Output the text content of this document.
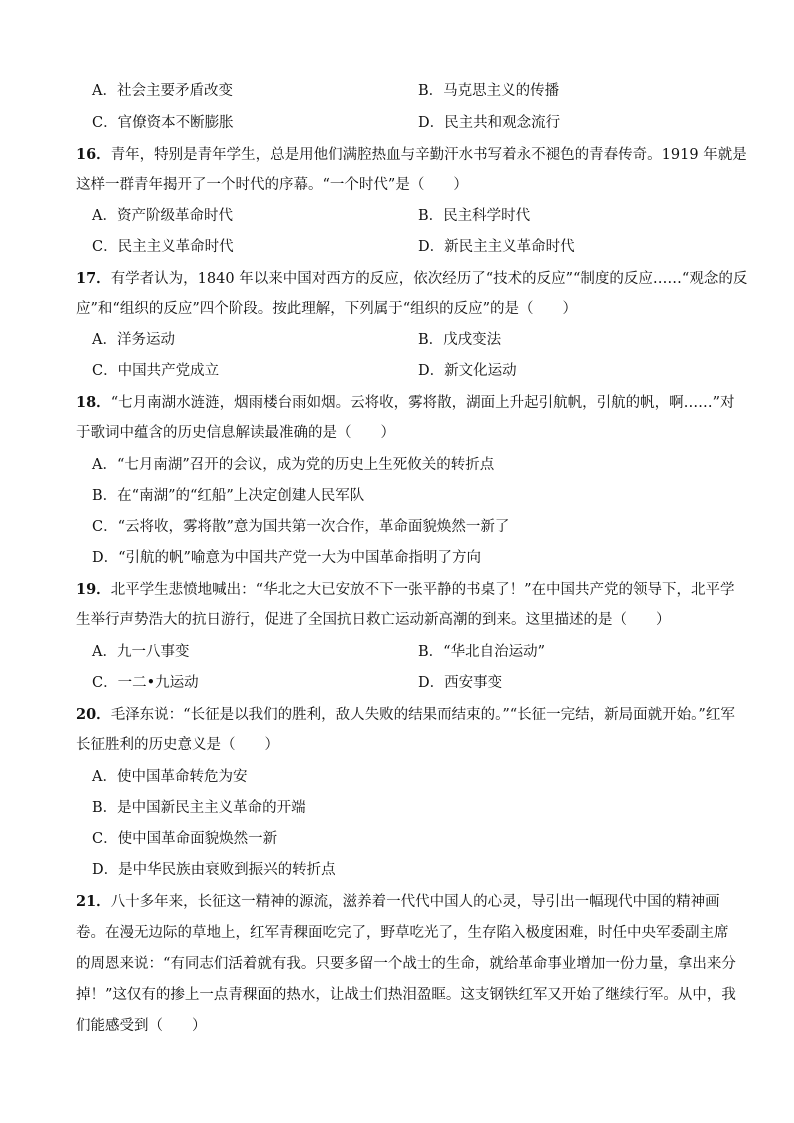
A．社会主要矛盾改变	B．马克思主义的传播
C．官僚资本不断膨胀	D．民主共和观念流行
16．青年，特别是青年学生，总是用他们满腔热血与辛勤汗水书写着永不褪色的青春传奇。1919 年就是
这样一群青年揭开了一个时代的序幕。“一个时代”是（　　）
A．资产阶级革命时代	B．民主科学时代
C．民主主义革命时代	D．新民主主义革命时代
17．有学者认为，1840 年以来中国对西方的反应，依次经历了“技术的反应”“制度的反应……“观念的反
应”和“组织的反应”四个阶段。按此理解，下列属于“组织的反应”的是（　　）
A．洋务运动	B．戊戌变法
C．中国共产党成立	D．新文化运动
18．“七月南湖水涟涟，烟雨楼台雨如烟。云将收，雾将散，湖面上升起引航帆，引航的帆，啊……”对
于歌词中蕴含的历史信息解读最准确的是（　　）
A．“七月南湖”召开的会议，成为党的历史上生死攸关的转折点
B．在“南湖”的“红船”上决定创建人民军队
C．“云将收，雾将散”意为国共第一次合作，革命面貌焕然一新了
D．“引航的帆”喻意为中国共产党一大为中国革命指明了方向
19．北平学生悲愤地喊出：“华北之大已安放不下一张平静的书桌了！”在中国共产党的领导下，北平学
生举行声势浩大的抗日游行，促进了全国抗日救亡运动新高潮的到来。这里描述的是（　　）
A．九一八事变	B．“华北自治运动”
C．一二•九运动	D．西安事变
20．毛泽东说：“长征是以我们的胜利，敌人失败的结果而结束的。”“长征一完结，新局面就开始。”红军
长征胜利的历史意义是（　　）
A．使中国革命转危为安
B．是中国新民主主义革命的开端
C．使中国革命面貌焕然一新
D．是中华民族由衰败到振兴的转折点
21．八十多年来，长征这一精神的源流，滋养着一代代中国人的心灵，导引出一幅现代中国的精神画
卷。在漫无边际的草地上，红军青稞面吃完了，野草吃光了，生存陷入极度困难，时任中央军委副主席
的周恩来说：“有同志们活着就有我。只要多留一个战士的生命，就给革命事业增加一份力量，拿出来分
掉！”这仅有的掺上一点青稞面的热水，让战士们热泪盈眶。这支钢铁红军又开始了继续行军。从中，我
们能感受到（　　）
